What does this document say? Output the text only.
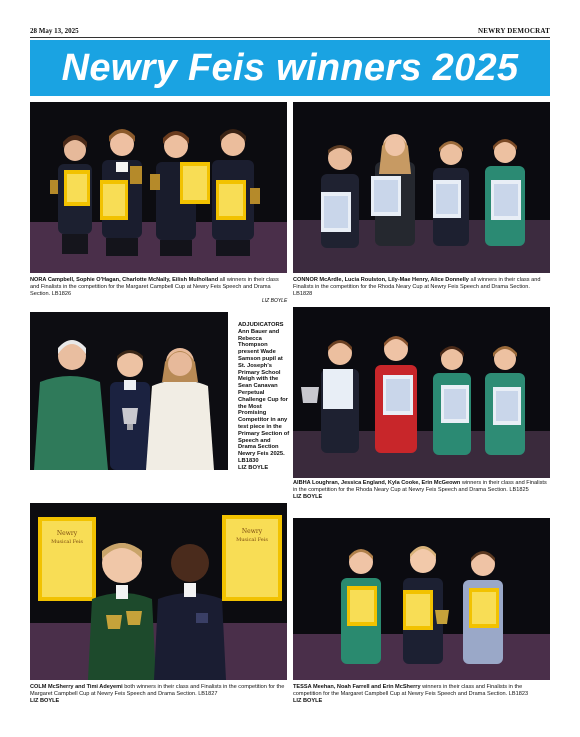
28 May 13, 2025	NEWRY DEMOCRAT
Newry Feis winners 2025
NORA Campbell, Sophie O'Hagan, Charlotte McNally, Eilish Mulholland all winners in their class and Finalists in the competition for the Margaret Campbell Cup at Newry Feis Speech and Drama Section. LB1826
LIZ BOYLE
CONNOR McArdle, Lucia Roulston, Lily-Mae Henry, Alice Donnelly all winners in their class and Finalists in the competition for the Rhoda Neary Cup at Newry Feis Speech and Drama Section. LB1828
ADJUDICATORS Ann Bauer and Rebecca Thompson present Wade Samson pupil at St. Joseph's Primary School Meigh with the Sean Canavan Perpetual Challenge Cup for the Most Promising Competitor in any test piece in the Primary Section of Speech and Drama Section Newry Feis 2025. LB1830
LIZ BOYLE
AIBHA Loughran, Jessica England, Kyla Cooke, Erin McGeown winners in their class and Finalists in the competition for the Rhoda Neary Cup at Newry Feis Speech and Drama Section. LB1825
LIZ BOYLE
Newry
Musical Feis
Newry
Musical Feis
COLM McSherry and Timi Adeyemi both winners in their class and Finalists in the competition for the Margaret Campbell Cup at Newry Feis Speech and Drama Section. LB1827
LIZ BOYLE
TESSA Meehan, Noah Farrell and Erin McSherry winners in their class and Finalists in the competition for the Margaret Campbell Cup at Newry Feis Speech and Drama Section. LB1823
LIZ BOYLE
